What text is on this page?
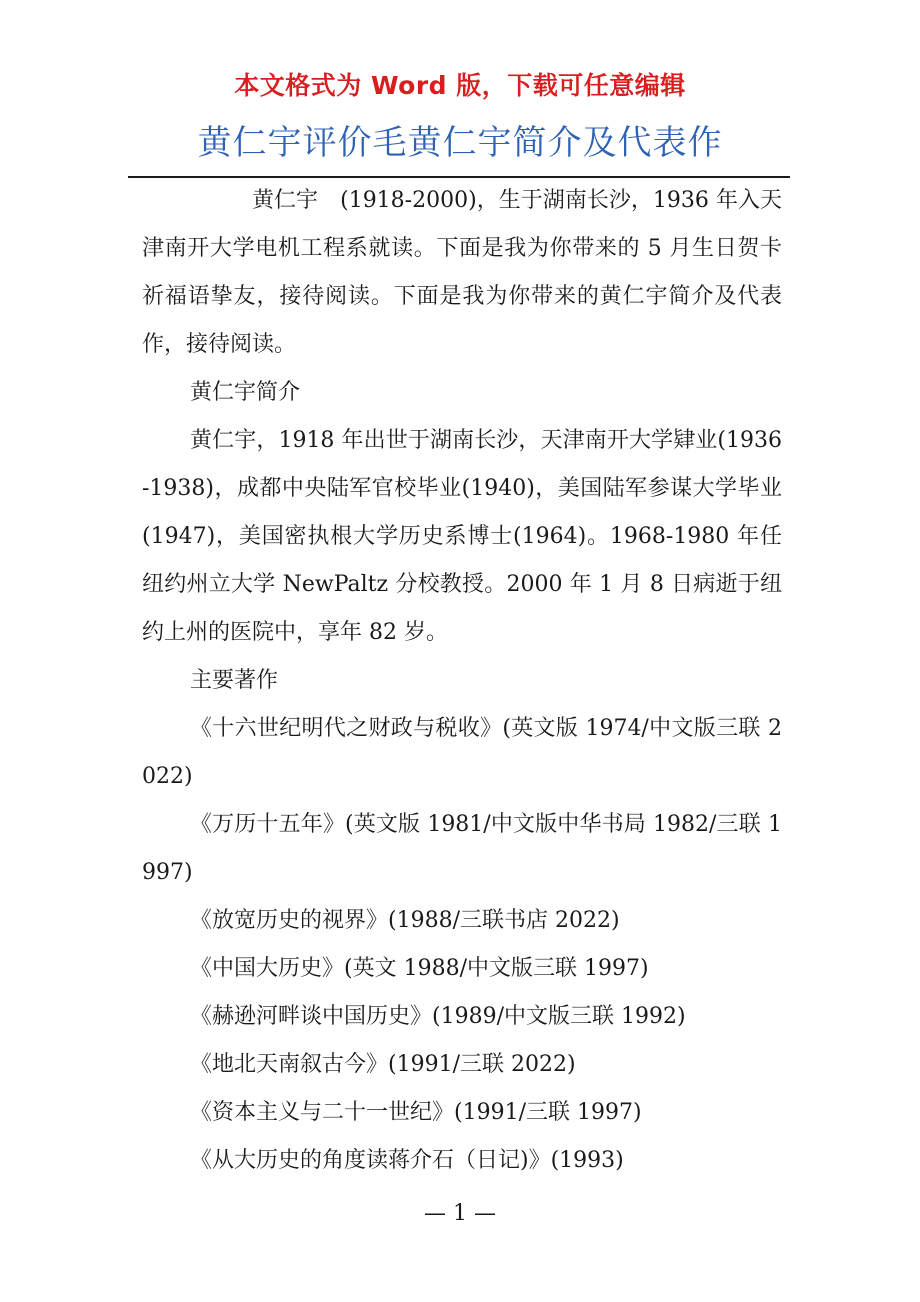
本文格式为 Word 版，下载可任意编辑
黄仁宇评价毛黄仁宇简介及代表作

黄仁宇　(1918-2000)，生于湖南长沙，1936 年入天津南开大学电机工程系就读。下面是我为你带来的 5 月生日贺卡祈福语挚友，接待阅读。下面是我为你带来的黄仁宇简介及代表作，接待阅读。

黄仁宇简介

黄仁宇，1918 年出世于湖南长沙，天津南开大学肄业(1936-1938)，成都中央陆军官校毕业(1940)，美国陆军参谋大学毕业(1947)，美国密执根大学历史系博士(1964)。1968-1980 年任纽约州立大学 NewPaltz 分校教授。2000 年 1 月 8 日病逝于纽约上州的医院中，享年 82 岁。

主要著作

《十六世纪明代之财政与税收》(英文版 1974/中文版三联 2022)

《万历十五年》(英文版 1981/中文版中华书局 1982/三联 1997)

《放宽历史的视界》(1988/三联书店 2022)

《中国大历史》(英文 1988/中文版三联 1997)

《赫逊河畔谈中国历史》(1989/中文版三联 1992)

《地北天南叙古今》(1991/三联 2022)

《资本主义与二十一世纪》(1991/三联 1997)

《从大历史的角度读蒋介石（日记)》(1993)

— 1 —
